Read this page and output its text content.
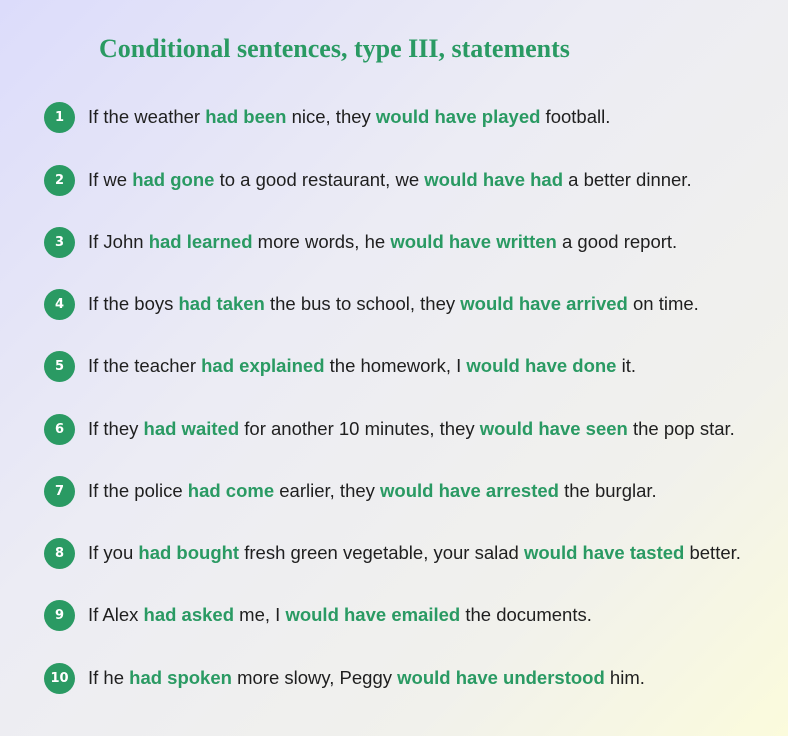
Conditional sentences, type III, statements
1	If the weather had been nice, they would have played football.
2	If we had gone to a good restaurant, we would have had a better dinner.
3	If John had learned more words, he would have written a good report.
4	If the boys had taken the bus to school, they would have arrived on time.
5	If the teacher had explained the homework, I would have done it.
6	If they had waited for another 10 minutes, they would have seen the pop star.
7	If the police had come earlier, they would have arrested the burglar.
8	If you had bought fresh green vegetable, your salad would have tasted better.
9	If Alex had asked me, I would have emailed the documents.
10	If he had spoken more slowy, Peggy would have understood him.
